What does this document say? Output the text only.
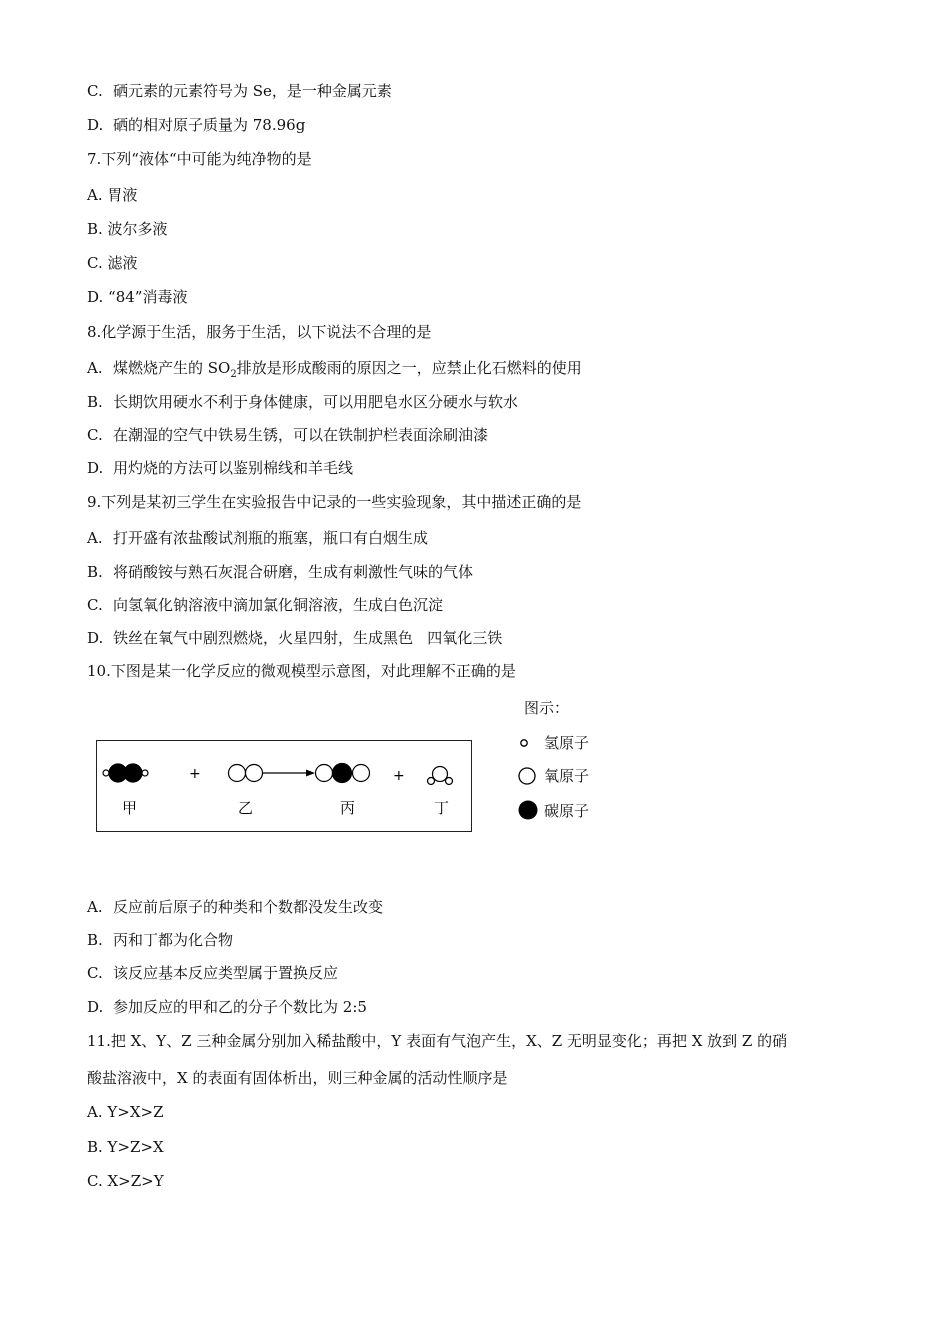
C. 硒元素的元素符号为 Se，是一种金属元素
D. 硒的相对原子质量为 78.96g
7.下列“液体“中可能为纯净物的是
A. 胃液
B. 波尔多液
C. 滤液
D. “84”消毒液
8.化学源于生活，服务于生活，以下说法不合理的是
A. 煤燃烧产生的 $SO_2$排放是形成酸雨的原因之一，应禁止化石燃料的使用
B. 长期饮用硬水不利于身体健康，可以用肥皂水区分硬水与软水
C. 在潮湿的空气中铁易生锈，可以在铁制护栏表面涂刷油漆
D. 用灼烧的方法可以鉴别棉线和羊毛线
9.下列是某初三学生在实验报告中记录的一些实验现象，其中描述正确的是
A. 打开盛有浓盐酸试剂瓶的瓶塞，瓶口有白烟生成
B. 将硝酸铵与熟石灰混合研磨，生成有刺激性气味的气体
C. 向氢氧化钠溶液中滴加氯化铜溶液，生成白色沉淀
D. 铁丝在氧气中剧烈燃烧，火星四射，生成黑色   四氧化三铁
10.下图是某一化学反应的微观模型示意图，对此理解不正确的是
+	+
甲	乙	丙	丁
图示：
氢原子
氧原子
碳原子
A. 反应前后原子的种类和个数都没发生改变
B. 丙和丁都为化合物
C. 该反应基本反应类型属于置换反应
D. 参加反应的甲和乙的分子个数比为 2:5
11.把 X、Y、Z 三种金属分别加入稀盐酸中，Y 表面有气泡产生，X、Z 无明显变化；再把 X 放到 Z 的硝
酸盐溶液中，X 的表面有固体析出，则三种金属的活动性顺序是
A. Y>X>Z
B. Y>Z>X
C. X>Z>Y
